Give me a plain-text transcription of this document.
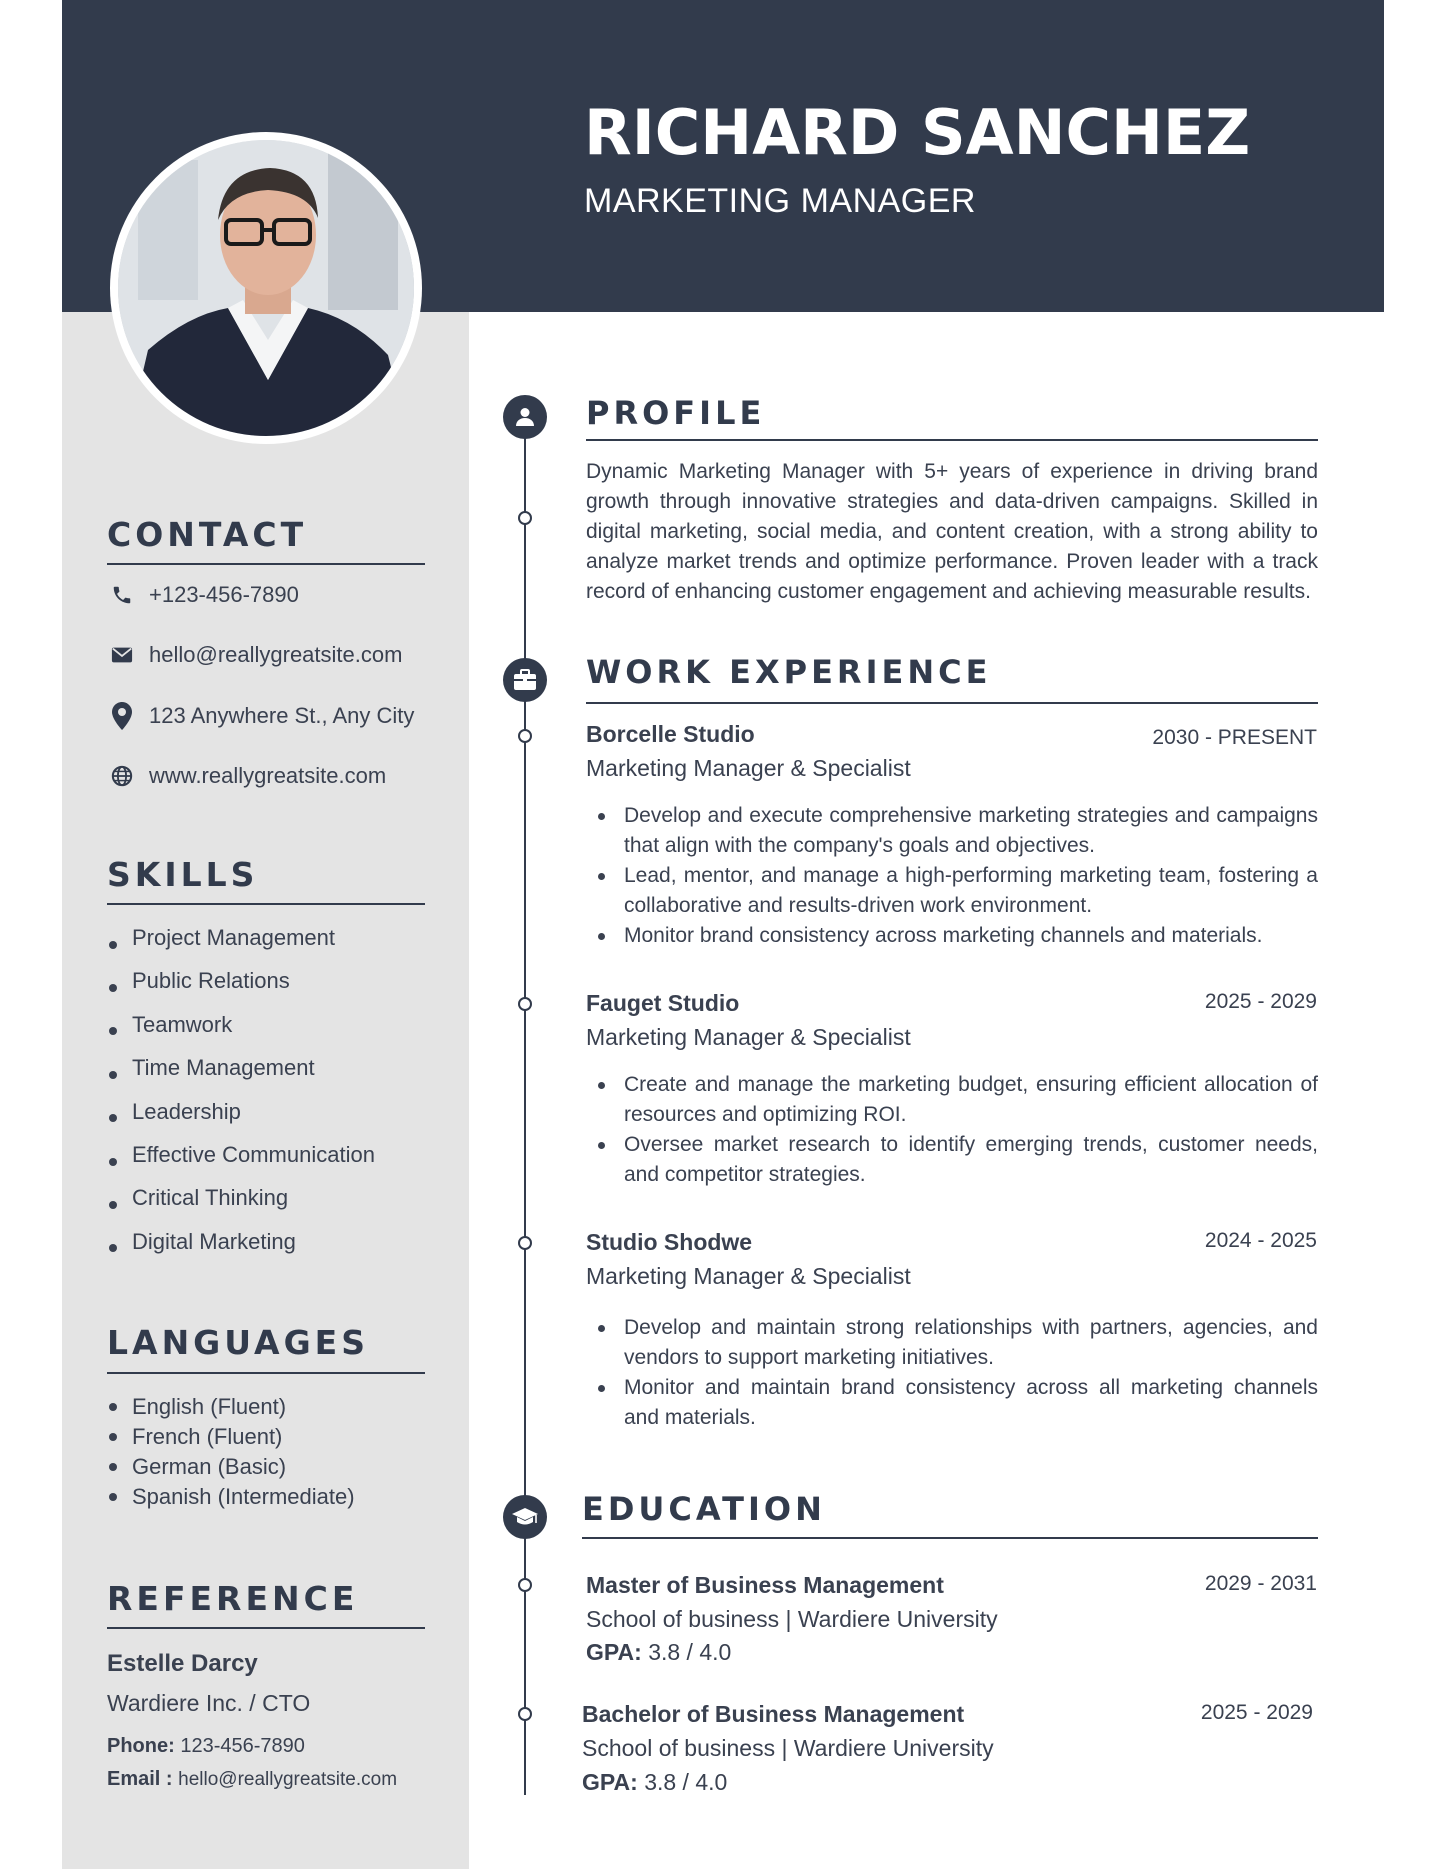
RICHARD SANCHEZ
MARKETING MANAGER
CONTACT
+123-456-7890
hello@reallygreatsite.com
123 Anywhere St., Any City
www.reallygreatsite.com
SKILLS
Project Management
Public Relations
Teamwork
Time Management
Leadership
Effective Communication
Critical Thinking
Digital Marketing
LANGUAGES
English (Fluent)
French (Fluent)
German (Basic)
Spanish (Intermediate)
REFERENCE
Estelle Darcy
Wardiere Inc. / CTO
Phone: 123-456-7890
Email : hello@reallygreatsite.com
PROFILE
Dynamic Marketing Manager with 5+ years of experience in driving brand growth through innovative strategies and data-driven campaigns. Skilled in digital marketing, social media, and content creation, with a strong ability to analyze market trends and optimize performance. Proven leader with a track record of enhancing customer engagement and achieving measurable results.
WORK EXPERIENCE
Borcelle Studio	2030 - PRESENT
Marketing Manager & Specialist
Develop and execute comprehensive marketing strategies and campaigns that align with the company's goals and objectives.
Lead, mentor, and manage a high-performing marketing team, fostering a collaborative and results-driven work environment.
Monitor brand consistency across marketing channels and materials.
Fauget Studio	2025 - 2029
Marketing Manager & Specialist
Create and manage the marketing budget, ensuring efficient allocation of resources and optimizing ROI.
Oversee market research to identify emerging trends, customer needs, and competitor strategies.
Studio Shodwe	2024 - 2025
Marketing Manager & Specialist
Develop and maintain strong relationships with partners, agencies, and vendors to support marketing initiatives.
Monitor and maintain brand consistency across all marketing channels and materials.
EDUCATION
Master of Business Management	2029 - 2031
School of business | Wardiere University
GPA: 3.8 / 4.0
Bachelor of Business Management	2025 - 2029
School of business | Wardiere University
GPA: 3.8 / 4.0
